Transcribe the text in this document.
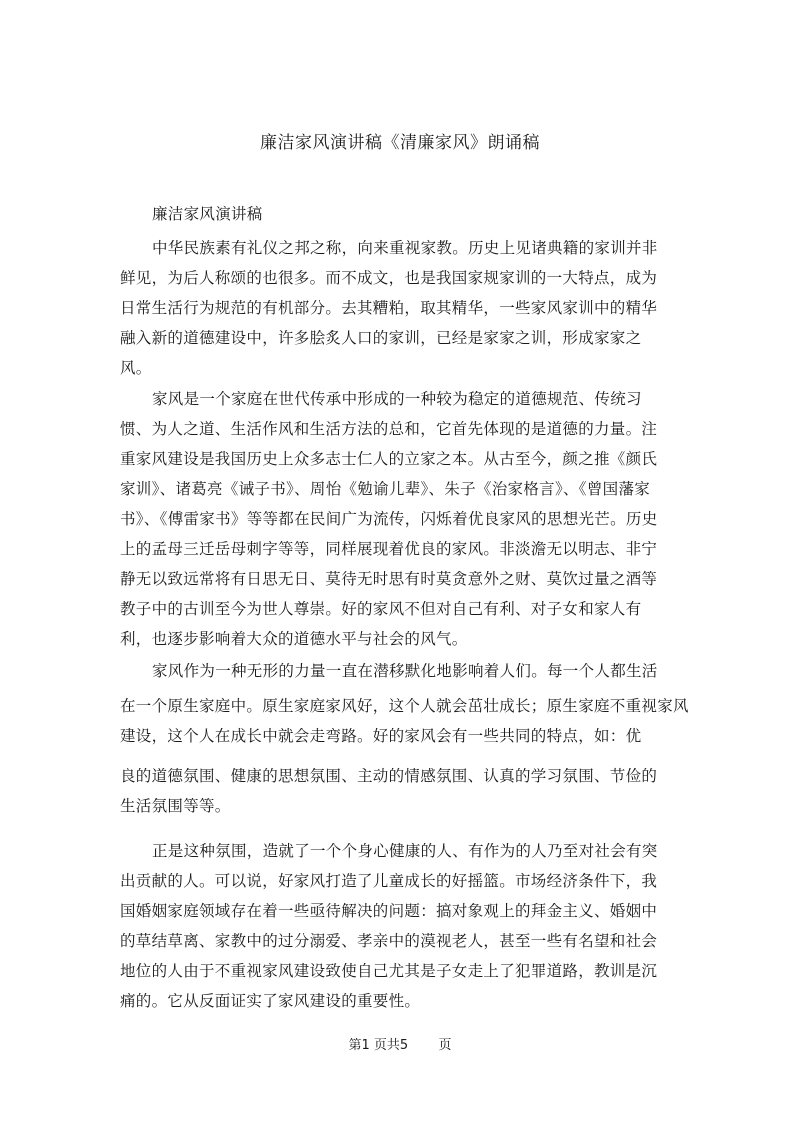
廉洁家风演讲稿《清廉家风》朗诵稿
廉洁家风演讲稿
中华民族素有礼仪之邦之称，向来重视家教。历史上见诸典籍的家训并非
鲜见，为后人称颂的也很多。而不成文，也是我国家规家训的一大特点，成为
日常生活行为规范的有机部分。去其糟粕，取其精华，一些家风家训中的精华
融入新的道德建设中，许多脍炙人口的家训，已经是家家之训，形成家家之
风。
家风是一个家庭在世代传承中形成的一种较为稳定的道德规范、传统习
惯、为人之道、生活作风和生活方法的总和，它首先体现的是道德的力量。注
重家风建设是我国历史上众多志士仁人的立家之本。从古至今，颜之推《颜氏
家训》、诸葛亮《诫子书》、周怡《勉谕儿辈》、朱子《治家格言》、《曾国藩家
书》、《傅雷家书》等等都在民间广为流传，闪烁着优良家风的思想光芒。历史
上的孟母三迁岳母刺字等等，同样展现着优良的家风。非淡澹无以明志、非宁
静无以致远常将有日思无日、莫待无时思有时莫贪意外之财、莫饮过量之酒等
教子中的古训至今为世人尊崇。好的家风不但对自己有利、对子女和家人有
利，也逐步影响着大众的道德水平与社会的风气。
家风作为一种无形的力量一直在潜移默化地影响着人们。每一个人都生活
在一个原生家庭中。原生家庭家风好，这个人就会茁壮成长；原生家庭不重视家风
建设，这个人在成长中就会走弯路。好的家风会有一些共同的特点，如：优
良的道德氛围、健康的思想氛围、主动的情感氛围、认真的学习氛围、节俭的
生活氛围等等。
正是这种氛围，造就了一个个身心健康的人、有作为的人乃至对社会有突
出贡献的人。可以说，好家风打造了儿童成长的好摇篮。市场经济条件下，我
国婚姻家庭领域存在着一些亟待解决的问题：搞对象观上的拜金主义、婚姻中
的草结草离、家教中的过分溺爱、孝亲中的漠视老人，甚至一些有名望和社会
地位的人由于不重视家风建设致使自己尤其是子女走上了犯罪道路，教训是沉
痛的。它从反面证实了家风建设的重要性。
第1 页共5 页
